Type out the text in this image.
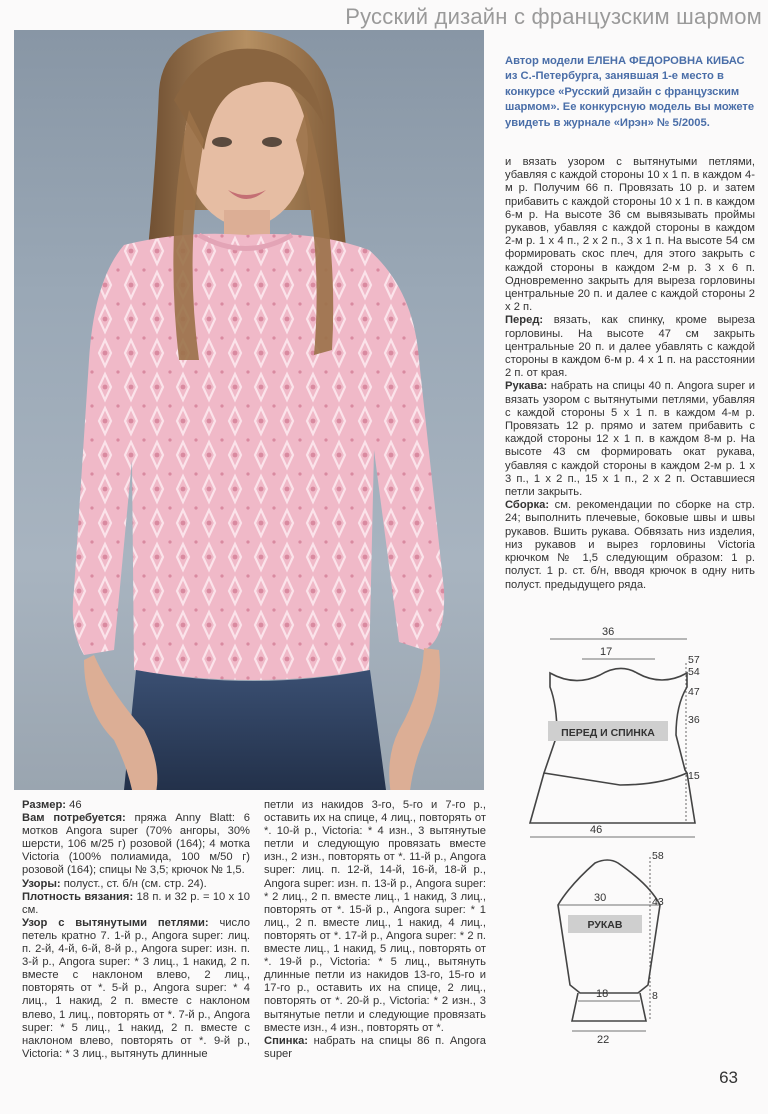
Русский дизайн с французским шармом
Автор модели ЕЛЕНА ФЕДОРОВНА КИБАС из С.-Петербурга, занявшая 1-е место в конкурсе «Русский дизайн с французским шармом». Ее конкурсную модель вы можете увидеть в журнале «Ирэн» № 5/2005.

и вязать узором с вытянутыми петлями, убавляя с каждой стороны 10 х 1 п. в каждом 4-м р. Получим 66 п. Провязать 10 р. и затем прибавить с каждой стороны 10 х 1 п. в каждом 6-м р. На высоте 36 см вывязывать проймы рукавов, убавляя с каждой стороны в каждом 2-м р. 1 х 4 п., 2 х 2 п., 3 х 1 п. На высоте 54 см формировать скос плеч, для этого закрыть с каждой стороны в каждом 2-м р. 3 х 6 п. Одновременно закрыть для выреза горловины центральные 20 п. и далее с каждой стороны 2 х 2 п.

Перед: вязать, как спинку, кроме выреза горловины. На высоте 47 см закрыть центральные 20 п. и далее убавлять с каждой стороны в каждом 6-м р. 4 х 1 п. на расстоянии 2 п. от края.

Рукава: набрать на спицы 40 п. Angora super и вязать узором с вытянутыми петлями, убавляя с каждой стороны 5 х 1 п. в каждом 4-м р. Провязать 12 р. прямо и затем прибавить с каждой стороны 12 х 1 п. в каждом 8-м р. На высоте 43 см формировать окат рукава, убавляя с каждой стороны в каждом 2-м р. 1 х 3 п., 1 х 2 п., 15 х 1 п., 2 х 2 п. Оставшиеся петли закрыть.

Сборка: см. рекомендации по сборке на стр. 24; выполнить плечевые, боковые швы и швы рукавов. Вшить рукава. Обвязать низ изделия, низ рукавов и вырез горловины Victoria крючком № 1,5 следующим образом: 1 р. полуст. 1 р. ст. б/н, вводя крючок в одну нить полуст. предыдущего ряда.

ПЕРЕД И СПИНКА
36
17
46
57
54
47
36
15
РУКАВ
30
18
22
58
43
8

Размер: 46

Вам потребуется: пряжа Anny Blatt: 6 мотков Angora super (70% ангоры, 30% шерсти, 106 м/25 г) розовой (164); 4 мотка Victoria (100% полиамида, 100 м/50 г) розовой (164); спицы № 3,5; крючок № 1,5.

Узоры: полуст., ст. б/н (см. стр. 24).

Плотность вязания: 18 п. и 32 р. = 10 х 10 см.

Узор с вытянутыми петлями: число петель кратно 7. 1-й р., Angora super: лиц. п. 2-й, 4-й, 6-й, 8-й р., Angora super: изн. п. 3-й р., Angora super: * 3 лиц., 1 накид, 2 п. вместе с наклоном влево, 2 лиц., повторять от *. 5-й р., Angora super: * 4 лиц., 1 накид, 2 п. вместе с наклоном влево, 1 лиц., повторять от *. 7-й р., Angora super: * 5 лиц., 1 накид, 2 п. вместе с наклоном влево, повторять от *. 9-й р., Victoria: * 3 лиц., вытянуть длинные

петли из накидов 3-го, 5-го и 7-го р., оставить их на спице, 4 лиц., повторять от *. 10-й р., Victoria: * 4 изн., 3 вытянутые петли и следующую провязать вместе изн., 2 изн., повторять от *. 11-й р., Angora super: лиц. п. 12-й, 14-й, 16-й, 18-й р., Angora super: изн. п. 13-й р., Angora super: * 2 лиц., 2 п. вместе лиц., 1 накид, 3 лиц., повторять от *. 15-й р., Angora super: * 1 лиц., 2 п. вместе лиц., 1 накид, 4 лиц., повторять от *. 17-й р., Angora super: * 2 п. вместе лиц., 1 накид, 5 лиц., повторять от *. 19-й р., Victoria: * 5 лиц., вытянуть длинные петли из накидов 13-го, 15-го и 17-го р., оставить их на спице, 2 лиц., повторять от *. 20-й р., Victoria: * 2 изн., 3 вытянутые петли и следующие провязать вместе изн., 4 изн., повторять от *.

Спинка: набрать на спицы 86 п. Angora super

63
